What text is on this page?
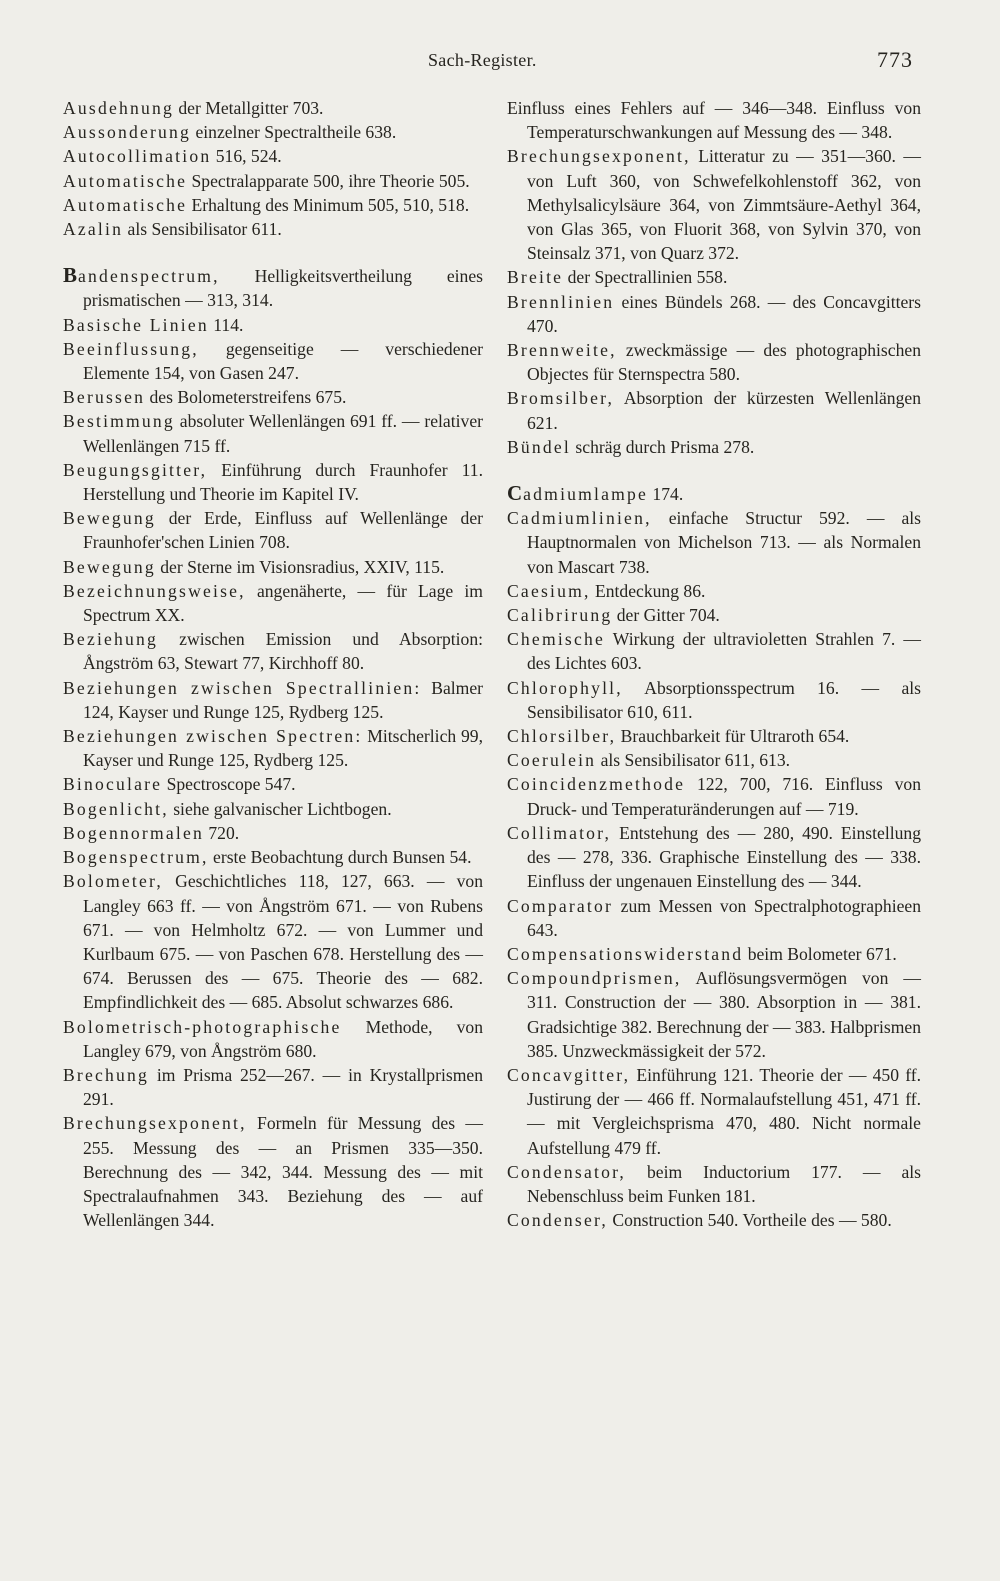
Sach-Register.	773

Ausdehnung der Metallgitter 703.

Aussonderung einzelner Spectraltheile 638.

Autocollimation 516, 524.

Automatische Spectralapparate 500, ihre Theorie 505.

Automatische Erhaltung des Minimum 505, 510, 518.

Azalin als Sensibilisator 611.

Bandenspectrum, Helligkeitsvertheilung eines prismatischen — 313, 314.

Basische Linien 114.

Beeinflussung, gegenseitige — verschiedener Elemente 154, von Gasen 247.

Berussen des Bolometerstreifens 675.

Bestimmung absoluter Wellenlängen 691 ff. — relativer Wellenlängen 715 ff.

Beugungsgitter, Einführung durch Fraunhofer 11. Herstellung und Theorie im Kapitel IV.

Bewegung der Erde, Einfluss auf Wellenlänge der Fraunhofer'schen Linien 708.

Bewegung der Sterne im Visionsradius, XXIV, 115.

Bezeichnungsweise, angenäherte, — für Lage im Spectrum XX.

Beziehung zwischen Emission und Absorption: Ångström 63, Stewart 77, Kirchhoff 80.

Beziehungen zwischen Spectrallinien: Balmer 124, Kayser und Runge 125, Rydberg 125.

Beziehungen zwischen Spectren: Mitscherlich 99, Kayser und Runge 125, Rydberg 125.

Binoculare Spectroscope 547.

Bogenlicht, siehe galvanischer Lichtbogen.

Bogennormalen 720.

Bogenspectrum, erste Beobachtung durch Bunsen 54.

Bolometer, Geschichtliches 118, 127, 663. — von Langley 663 ff. — von Ångström 671. — von Rubens 671. — von Helmholtz 672. — von Lummer und Kurlbaum 675. — von Paschen 678. Herstellung des — 674. Berussen des — 675. Theorie des — 682. Empfindlichkeit des — 685. Absolut schwarzes 686.

Bolometrisch-photographische Methode, von Langley 679, von Ångström 680.

Brechung im Prisma 252—267. — in Krystallprismen 291.

Brechungsexponent, Formeln für Messung des — 255. Messung des — an Prismen 335—350. Berechnung des — 342, 344. Messung des — mit Spectralaufnahmen 343. Beziehung des — auf Wellenlängen 344.

Einfluss eines Fehlers auf — 346—348. Einfluss von Temperaturschwankungen auf Messung des — 348.

Brechungsexponent, Litteratur zu — 351—360. — von Luft 360, von Schwefelkohlenstoff 362, von Methylsalicylsäure 364, von Zimmtsäure-Aethyl 364, von Glas 365, von Fluorit 368, von Sylvin 370, von Steinsalz 371, von Quarz 372.

Breite der Spectrallinien 558.

Brennlinien eines Bündels 268. — des Concavgitters 470.

Brennweite, zweckmässige — des photographischen Objectes für Sternspectra 580.

Bromsilber, Absorption der kürzesten Wellenlängen 621.

Bündel schräg durch Prisma 278.

Cadmiumlampe 174.

Cadmiumlinien, einfache Structur 592. — als Hauptnormalen von Michelson 713. — als Normalen von Mascart 738.

Caesium, Entdeckung 86.

Calibrirung der Gitter 704.

Chemische Wirkung der ultravioletten Strahlen 7. — des Lichtes 603.

Chlorophyll, Absorptionsspectrum 16. — als Sensibilisator 610, 611.

Chlorsilber, Brauchbarkeit für Ultraroth 654.

Coerulein als Sensibilisator 611, 613.

Coincidenzmethode 122, 700, 716. Einfluss von Druck- und Temperaturänderungen auf — 719.

Collimator, Entstehung des — 280, 490. Einstellung des — 278, 336. Graphische Einstellung des — 338. Einfluss der ungenauen Einstellung des — 344.

Comparator zum Messen von Spectralphotographieen 643.

Compensationswiderstand beim Bolometer 671.

Compoundprismen, Auflösungsvermögen von — 311. Construction der — 380. Absorption in — 381. Gradsichtige 382. Berechnung der — 383. Halbprismen 385. Unzweckmässigkeit der 572.

Concavgitter, Einführung 121. Theorie der — 450 ff. Justirung der — 466 ff. Normalaufstellung 451, 471 ff. — mit Vergleichsprisma 470, 480. Nicht normale Aufstellung 479 ff.

Condensator, beim Inductorium 177. — als Nebenschluss beim Funken 181.

Condenser, Construction 540. Vortheile des — 580.
